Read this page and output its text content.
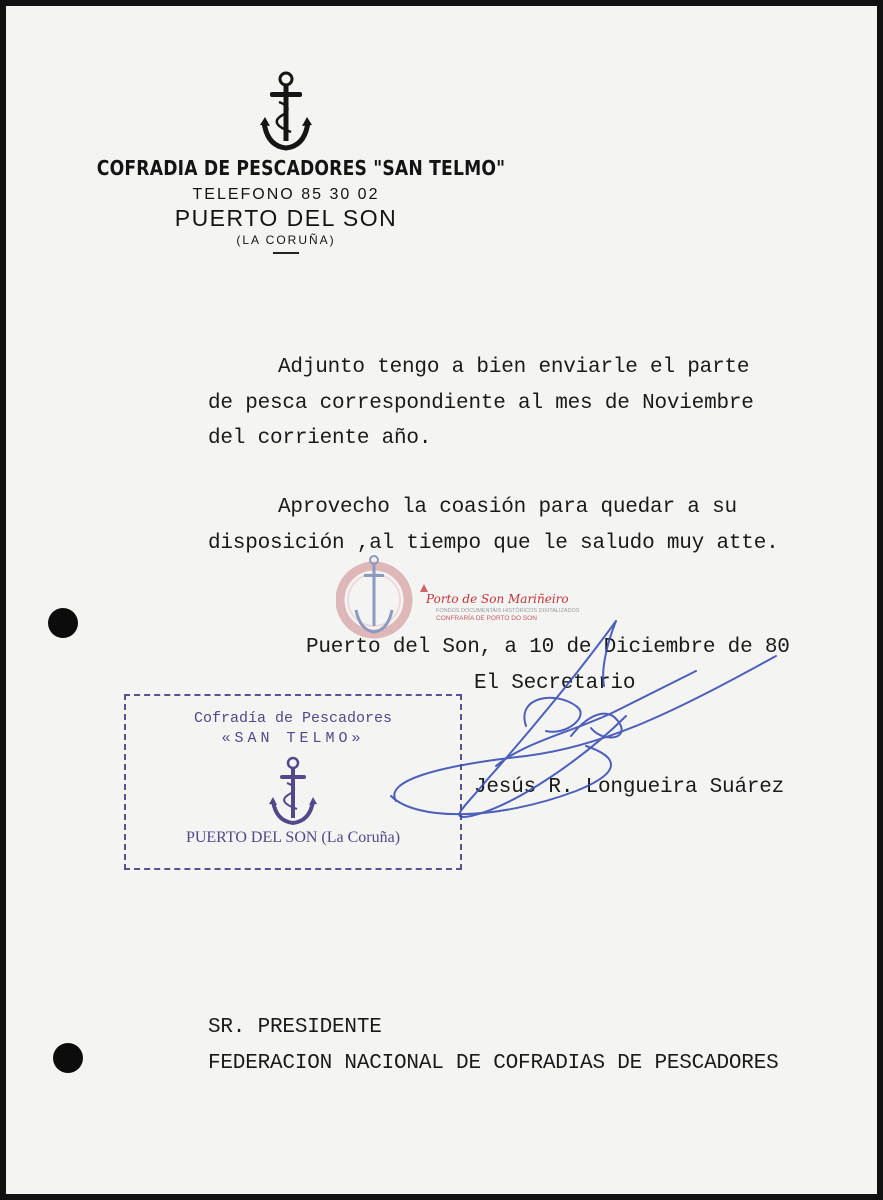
COFRADIA DE PESCADORES "SAN TELMO"
TELEFONO 85 30 02
PUERTO DEL SON
(LA CORUÑA)
Adjunto tengo a bien enviarle el parte
de pesca correspondiente al mes de Noviembre
del corriente año.
Aprovecho la coasión para quedar a su
disposición ,al tiempo que le saludo muy atte.
Porto de Son Mariñeiro
FONDOS DOCUMENTAIS HISTÓRICOS DIXITALIZADOS
CONFRARÍA DE PORTO DO SON
Puerto del Son, a 10 de Diciembre de 80
El Secretario
Jesús R. Longueira Suárez
Cofradía de Pescadores
«SAN TELMO»
PUERTO DEL SON (La Coruña)
SR. PRESIDENTE
FEDERACION NACIONAL DE COFRADIAS DE PESCADORES
